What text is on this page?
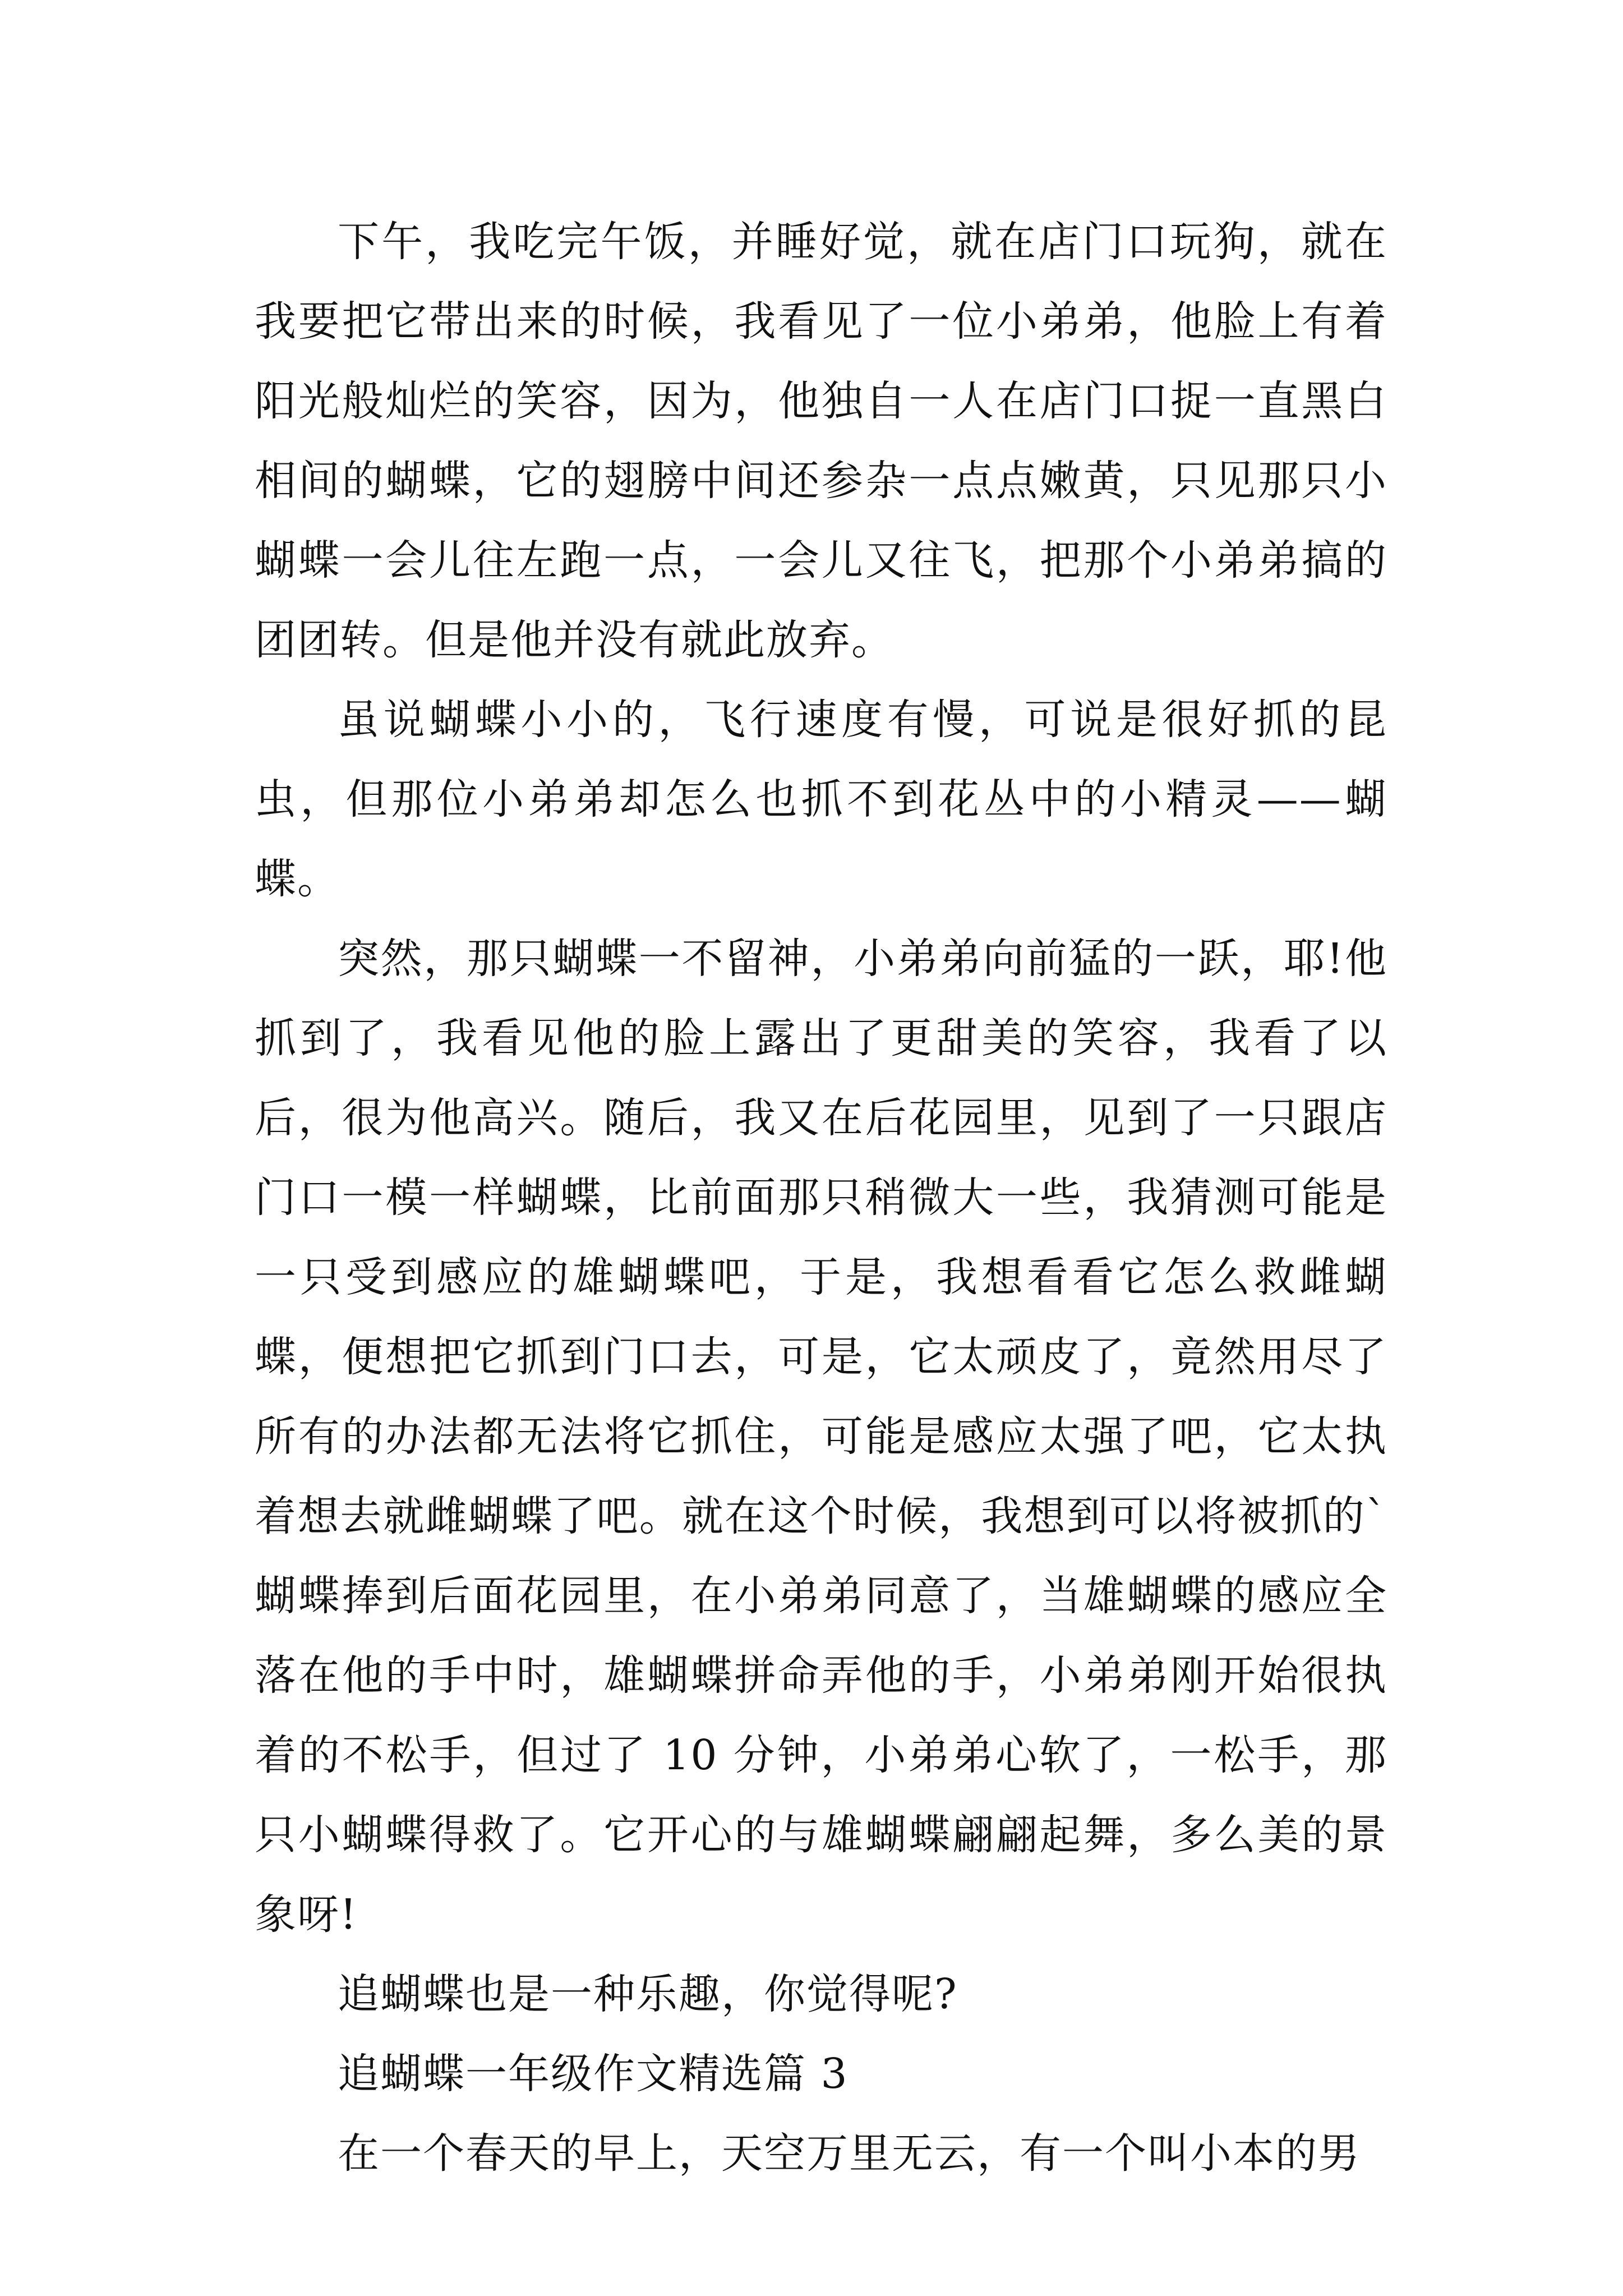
下午，我吃完午饭，并睡好觉，就在店门口玩狗，就在我要把它带出来的时候，我看见了一位小弟弟，他脸上有着阳光般灿烂的笑容，因为，他独自一人在店门口捉一直黑白相间的蝴蝶，它的翅膀中间还参杂一点点嫩黄，只见那只小蝴蝶一会儿往左跑一点，一会儿又往飞，把那个小弟弟搞的团团转。但是他并没有就此放弃。

虽说蝴蝶小小的，飞行速度有慢，可说是很好抓的昆虫，但那位小弟弟却怎么也抓不到花丛中的小精灵——蝴蝶。

突然，那只蝴蝶一不留神，小弟弟向前猛的一跃，耶!他抓到了，我看见他的脸上露出了更甜美的笑容，我看了以后，很为他高兴。随后，我又在后花园里，见到了一只跟店门口一模一样蝴蝶，比前面那只稍微大一些，我猜测可能是一只受到感应的雄蝴蝶吧，于是，我想看看它怎么救雌蝴蝶，便想把它抓到门口去，可是，它太顽皮了，竟然用尽了所有的办法都无法将它抓住，可能是感应太强了吧，它太执着想去就雌蝴蝶了吧。就在这个时候，我想到可以将被抓的`蝴蝶捧到后面花园里，在小弟弟同意了，当雄蝴蝶的感应全落在他的手中时，雄蝴蝶拼命弄他的手，小弟弟刚开始很执着的不松手，但过了 10 分钟，小弟弟心软了，一松手，那只小蝴蝶得救了。它开心的与雄蝴蝶翩翩起舞，多么美的景象呀!

追蝴蝶也是一种乐趣，你觉得呢?

追蝴蝶一年级作文精选篇 3

在一个春天的早上，天空万里无云，有一个叫小本的男
